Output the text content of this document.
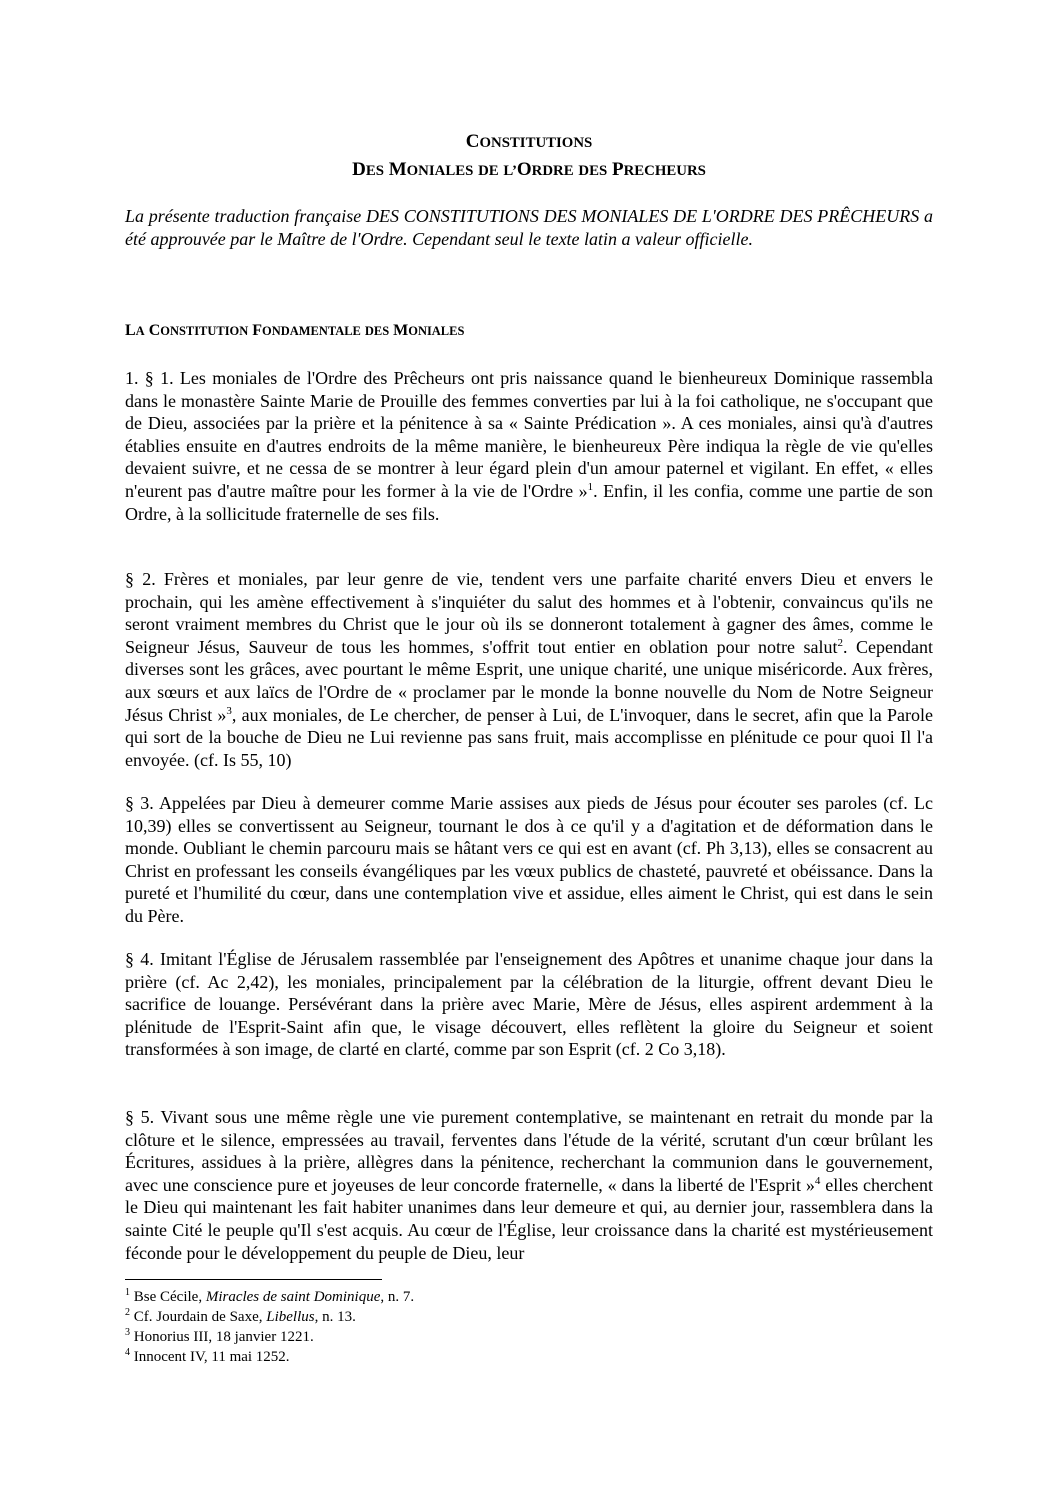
CONSTITUTIONS
DES MONIALES DE L’ORDRE DES PRECHEURS
La présente traduction française DES CONSTITUTIONS DES MONIALES DE L'ORDRE DES PRÊCHEURS a été approuvée par le Maître de l'Ordre. Cependant seul le texte latin a valeur officielle.
LA CONSTITUTION FONDAMENTALE DES MONIALES

1. § 1. Les moniales de l'Ordre des Prêcheurs ont pris naissance quand le bienheureux Dominique rassembla dans le monastère Sainte Marie de Prouille des femmes converties par lui à la foi catholique, ne s'occupant que de Dieu, associées par la prière et la pénitence à sa « Sainte Prédication ». A ces moniales, ainsi qu'à d'autres établies ensuite en d'autres endroits de la même manière, le bienheureux Père indiqua la règle de vie qu'elles devaient suivre, et ne cessa de se montrer à leur égard plein d'un amour paternel et vigilant. En effet, « elles n'eurent pas d'autre maître pour les former à la vie de l'Ordre »$^1$. Enfin, il les confia, comme une partie de son Ordre, à la sollicitude fraternelle de ses fils.

§ 2. Frères et moniales, par leur genre de vie, tendent vers une parfaite charité envers Dieu et envers le prochain, qui les amène effectivement à s'inquiéter du salut des hommes et à l'obtenir, convaincus qu'ils ne seront vraiment membres du Christ que le jour où ils se donneront totalement à gagner des âmes, comme le Seigneur Jésus, Sauveur de tous les hommes, s'offrit tout entier en oblation pour notre salut$^2$. Cependant diverses sont les grâces, avec pourtant le même Esprit, une unique charité, une unique miséricorde. Aux frères, aux sœurs et aux laïcs de l'Ordre de « proclamer par le monde la bonne nouvelle du Nom de Notre Seigneur Jésus Christ »$^3$, aux moniales, de Le chercher, de penser à Lui, de L'invoquer, dans le secret, afin que la Parole qui sort de la bouche de Dieu ne Lui revienne pas sans fruit, mais accomplisse en plénitude ce pour quoi Il l'a envoyée. (cf. Is 55, 10)

§ 3. Appelées par Dieu à demeurer comme Marie assises aux pieds de Jésus pour écouter ses paroles (cf. Lc 10,39) elles se convertissent au Seigneur, tournant le dos à ce qu'il y a d'agitation et de déformation dans le monde. Oubliant le chemin parcouru mais se hâtant vers ce qui est en avant (cf. Ph 3,13), elles se consacrent au Christ en professant les conseils évangéliques par les vœux publics de chasteté, pauvreté et obéissance. Dans la pureté et l'humilité du cœur, dans une contemplation vive et assidue, elles aiment le Christ, qui est dans le sein du Père.

§ 4. Imitant l'Église de Jérusalem rassemblée par l'enseignement des Apôtres et unanime chaque jour dans la prière (cf. Ac 2,42), les moniales, principalement par la célébration de la liturgie, offrent devant Dieu le sacrifice de louange. Persévérant dans la prière avec Marie, Mère de Jésus, elles aspirent ardemment à la plénitude de l'Esprit-Saint afin que, le visage découvert, elles reflètent la gloire du Seigneur et soient transformées à son image, de clarté en clarté, comme par son Esprit (cf. 2 Co 3,18).

§ 5. Vivant sous une même règle une vie purement contemplative, se maintenant en retrait du monde par la clôture et le silence, empressées au travail, ferventes dans l'étude de la vérité, scrutant d'un cœur brûlant les Écritures, assidues à la prière, allègres dans la pénitence, recherchant la communion dans le gouvernement, avec une conscience pure et joyeuses de leur concorde fraternelle, « dans la liberté de l'Esprit »$^4$ elles cherchent le Dieu qui maintenant les fait habiter unanimes dans leur demeure et qui, au dernier jour, rassemblera dans la sainte Cité le peuple qu'Il s'est acquis. Au cœur de l'Église, leur croissance dans la charité est mystérieusement féconde pour le développement du peuple de Dieu, leur

$^1$ Bse Cécile, Miracles de saint Dominique, n. 7.
$^2$ Cf. Jourdain de Saxe, Libellus, n. 13.
$^3$ Honorius III, 18 janvier 1221.
$^4$ Innocent IV, 11 mai 1252.
